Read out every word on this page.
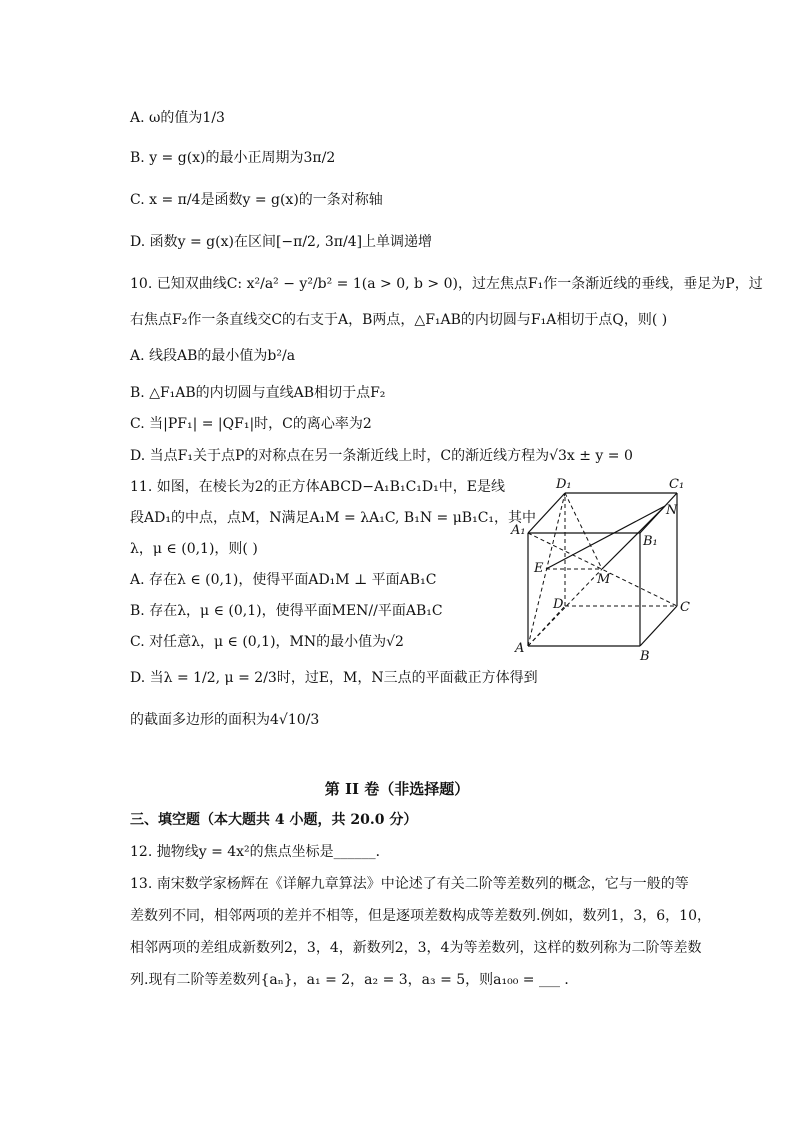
A. ω的值为1/3
B. y = g(x)的最小正周期为3π/2
C. x = π/4是函数y = g(x)的一条对称轴
D. 函数y = g(x)在区间[−π/2, 3π/4]上单调递增
10. 已知双曲线C: x²/a² − y²/b² = 1(a > 0, b > 0)，过左焦点F₁作一条渐近线的垂线，垂足为P，过
右焦点F₂作一条直线交C的右支于A，B两点，△F₁AB的内切圆与F₁A相切于点Q，则( )
A. 线段AB的最小值为b²/a
B. △F₁AB的内切圆与直线AB相切于点F₂
C. 当|PF₁| = |QF₁|时，C的离心率为2
D. 当点F₁关于点P的对称点在另一条渐近线上时，C的渐近线方程为√3x ± y = 0
11. 如图，在棱长为2的正方体ABCD−A₁B₁C₁D₁中，E是线
段AD₁的中点，点M，N满足A₁M = λA₁C, B₁N = μB₁C₁，其中
λ，μ ∈ (0,1)，则( )
A. 存在λ ∈ (0,1)，使得平面AD₁M ⊥ 平面AB₁C
B. 存在λ，μ ∈ (0,1)，使得平面MEN//平面AB₁C
C. 对任意λ，μ ∈ (0,1)，MN的最小值为√2
D. 当λ = 1/2, μ = 2/3时，过E，M，N三点的平面截正方体得到
的截面多边形的面积为4√10/3
D₁	C₁
A₁
B₁
N
E
M
D	C
A
B
第 II 卷（非选择题）
三、填空题（本大题共 4 小题，共 20.0 分）
12. 抛物线y = 4x²的焦点坐标是______．
13. 南宋数学家杨辉在《详解九章算法》中论述了有关二阶等差数列的概念，它与一般的等
差数列不同，相邻两项的差并不相等，但是逐项差数构成等差数列.例如，数列1，3，6，10，
相邻两项的差组成新数列2，3，4，新数列2，3，4为等差数列，这样的数列称为二阶等差数
列.现有二阶等差数列{aₙ}，a₁ = 2，a₂ = 3，a₃ = 5，则a₁₀₀ = ___ ．
